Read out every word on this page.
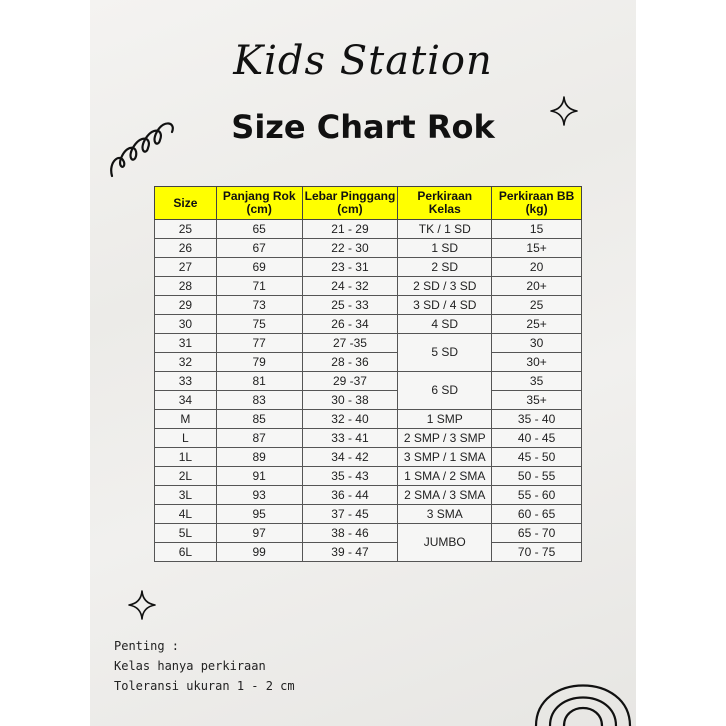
Kids Station
Size Chart Rok
Size	Panjang Rok (cm)	Lebar Pinggang (cm)	Perkiraan Kelas	Perkiraan BB (kg)
25	65	21 - 29	TK / 1 SD	15
26	67	22 - 30	1 SD	15+
27	69	23 - 31	2 SD	20
28	71	24 - 32	2 SD / 3 SD	20+
29	73	25 - 33	3 SD / 4 SD	25
30	75	26 - 34	4 SD	25+
31	77	27 -35	5 SD	30
32	79	28 - 36		30+
33	81	29 -37	6 SD	35
34	83	30 - 38		35+
M	85	32 - 40	1 SMP	35 - 40
L	87	33 - 41	2 SMP / 3 SMP	40 - 45
1L	89	34 - 42	3 SMP / 1 SMA	45 - 50
2L	91	35 - 43	1 SMA / 2 SMA	50 - 55
3L	93	36 - 44	2 SMA / 3 SMA	55 - 60
4L	95	37 - 45	3 SMA	60 - 65
5L	97	38 - 46	JUMBO	65 - 70
6L	99	39 - 47		70 - 75
Penting :
Kelas hanya perkiraan
Toleransi ukuran 1 - 2 cm
